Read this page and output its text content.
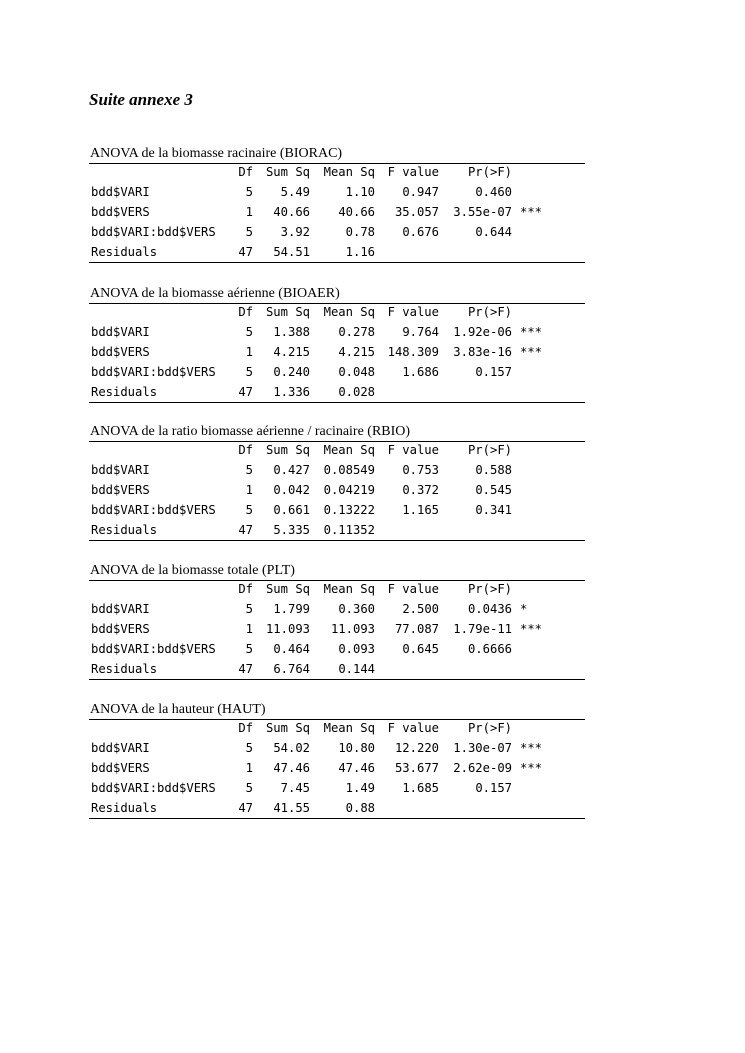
Suite annexe 3
ANOVA de la biomasse racinaire (BIORAC)
Df Sum Sq Mean Sq F value Pr(>F)
bdd$VARI	5 5.49	1.10 0.947	0.460
bdd$VERS	1 40.66 40.66 35.057 3.55e-07 ***
bdd$VARI:bdd$VERS 5 3.92	0.78 0.676	0.644
Residuals	47 54.51	1.16
ANOVA de la biomasse aérienne (BIOAER)
Df Sum Sq Mean Sq F value Pr(>F)
bdd$VARI	5 1.388 0.278 9.764 1.92e-06 ***
bdd$VERS	1 4.215 4.215 148.309 3.83e-16 ***
bdd$VARI:bdd$VERS 5 0.240 0.048 1.686	0.157
Residuals	47 1.336 0.028
ANOVA de la ratio biomasse aérienne / racinaire (RBIO)
Df Sum Sq Mean Sq F value Pr(>F)
bdd$VARI	5 0.427 0.08549 0.753	0.588
bdd$VERS	1 0.042 0.04219 0.372	0.545
bdd$VARI:bdd$VERS 5 0.661 0.13222 1.165	0.341
Residuals	47 5.335 0.11352
ANOVA de la biomasse totale (PLT)
Df Sum Sq Mean Sq F value Pr(>F)
bdd$VARI	5 1.799 0.360 2.500 0.0436 *
bdd$VERS	1 11.093 11.093 77.087 1.79e-11 ***
bdd$VARI:bdd$VERS 5 0.464 0.093 0.645 0.6666
Residuals	47 6.764 0.144
ANOVA de la hauteur (HAUT)
Df Sum Sq Mean Sq F value Pr(>F)
bdd$VARI	5 54.02 10.80 12.220 1.30e-07 ***
bdd$VERS	1 47.46 47.46 53.677 2.62e-09 ***
bdd$VARI:bdd$VERS 5 7.45	1.49 1.685	0.157
Residuals	47 41.55	0.88
